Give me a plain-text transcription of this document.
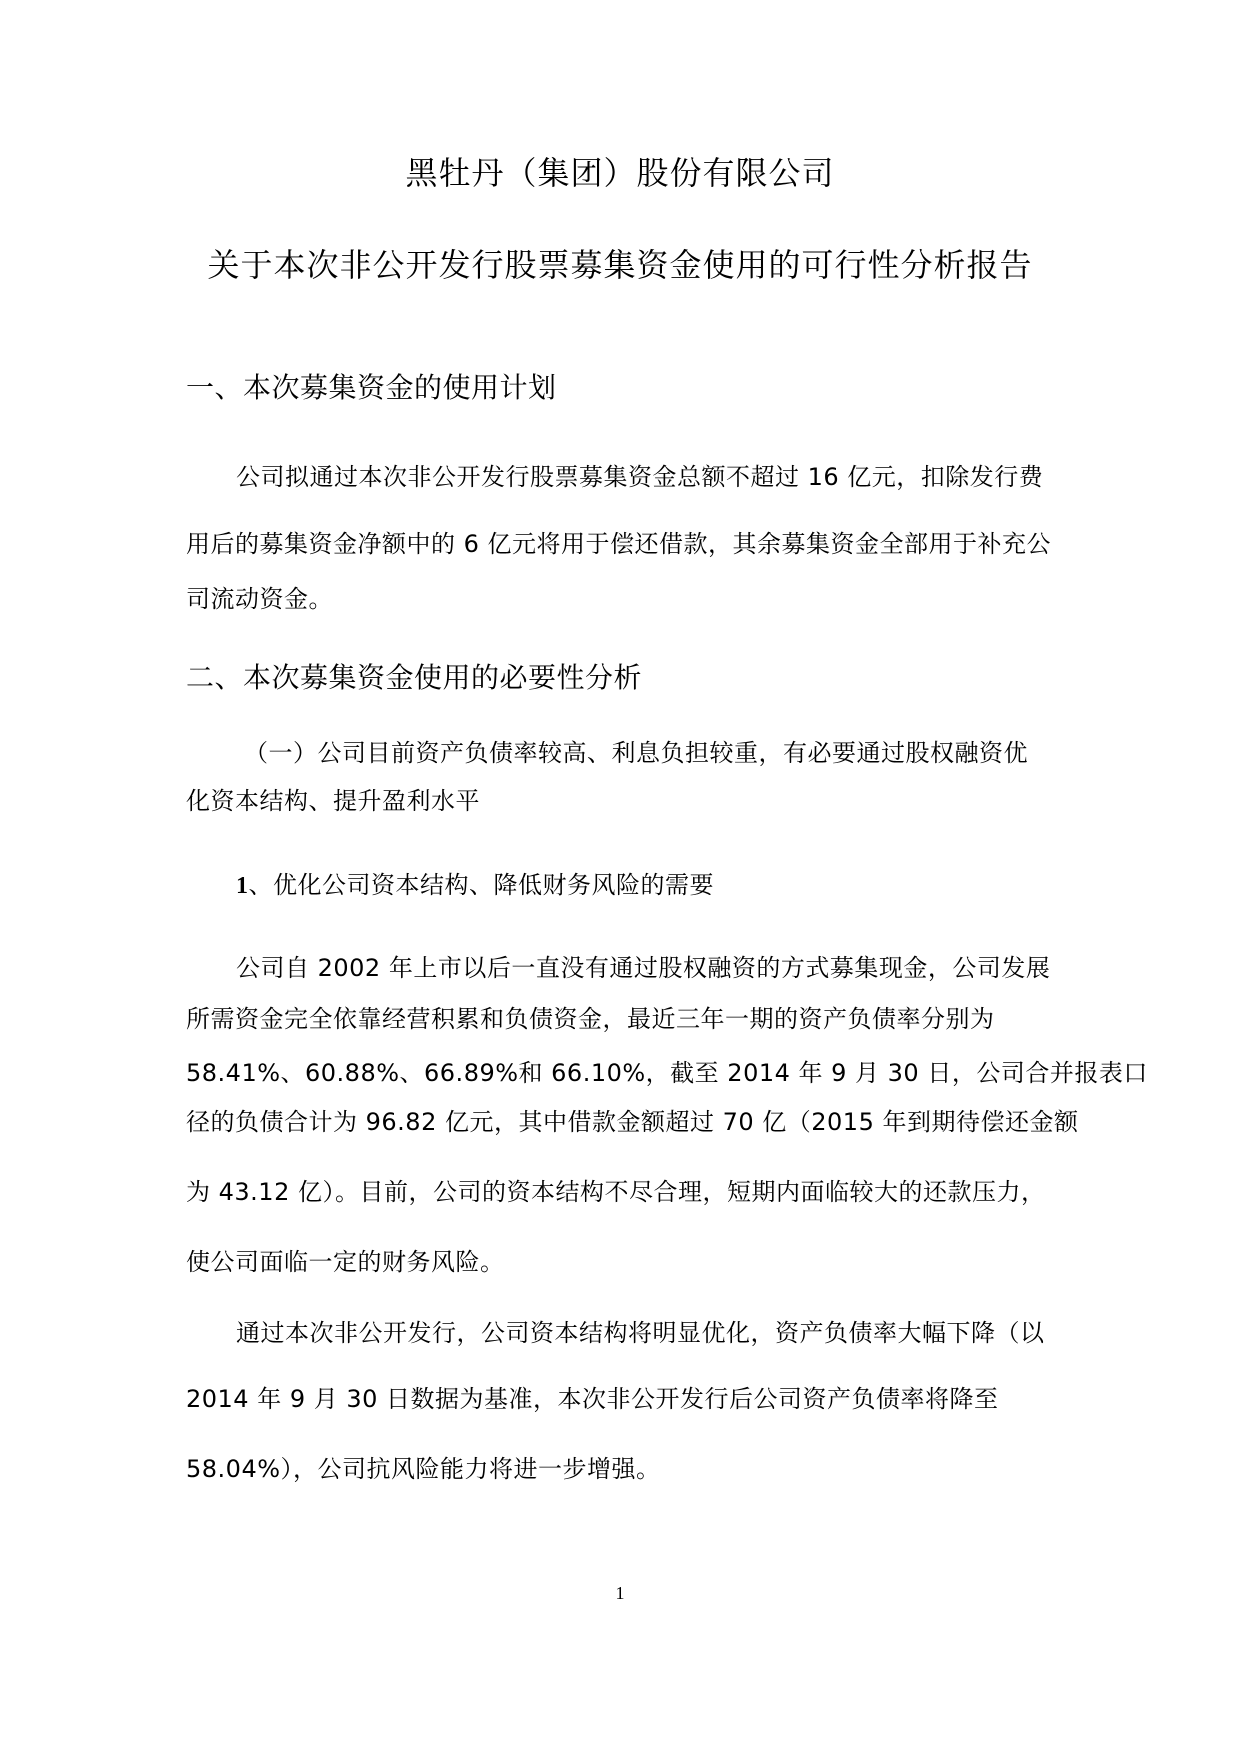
黑牡丹（集团）股份有限公司
关于本次非公开发行股票募集资金使用的可行性分析报告
一、本次募集资金的使用计划
公司拟通过本次非公开发行股票募集资金总额不超过 16 亿元，扣除发行费
用后的募集资金净额中的 6 亿元将用于偿还借款，其余募集资金全部用于补充公
司流动资金。
二、本次募集资金使用的必要性分析
（一）公司目前资产负债率较高、利息负担较重，有必要通过股权融资优
化资本结构、提升盈利水平
1、优化公司资本结构、降低财务风险的需要
公司自 2002 年上市以后一直没有通过股权融资的方式募集现金，公司发展
所需资金完全依靠经营积累和负债资金，最近三年一期的资产负债率分别为
58.41%、60.88%、66.89%和 66.10%，截至 2014 年 9 月 30 日，公司合并报表口
径的负债合计为 96.82 亿元，其中借款金额超过 70 亿（2015 年到期待偿还金额
为 43.12 亿）。目前，公司的资本结构不尽合理，短期内面临较大的还款压力，
使公司面临一定的财务风险。
通过本次非公开发行，公司资本结构将明显优化，资产负债率大幅下降（以
2014 年 9 月 30 日数据为基准，本次非公开发行后公司资产负债率将降至
58.04%），公司抗风险能力将进一步增强。
1
